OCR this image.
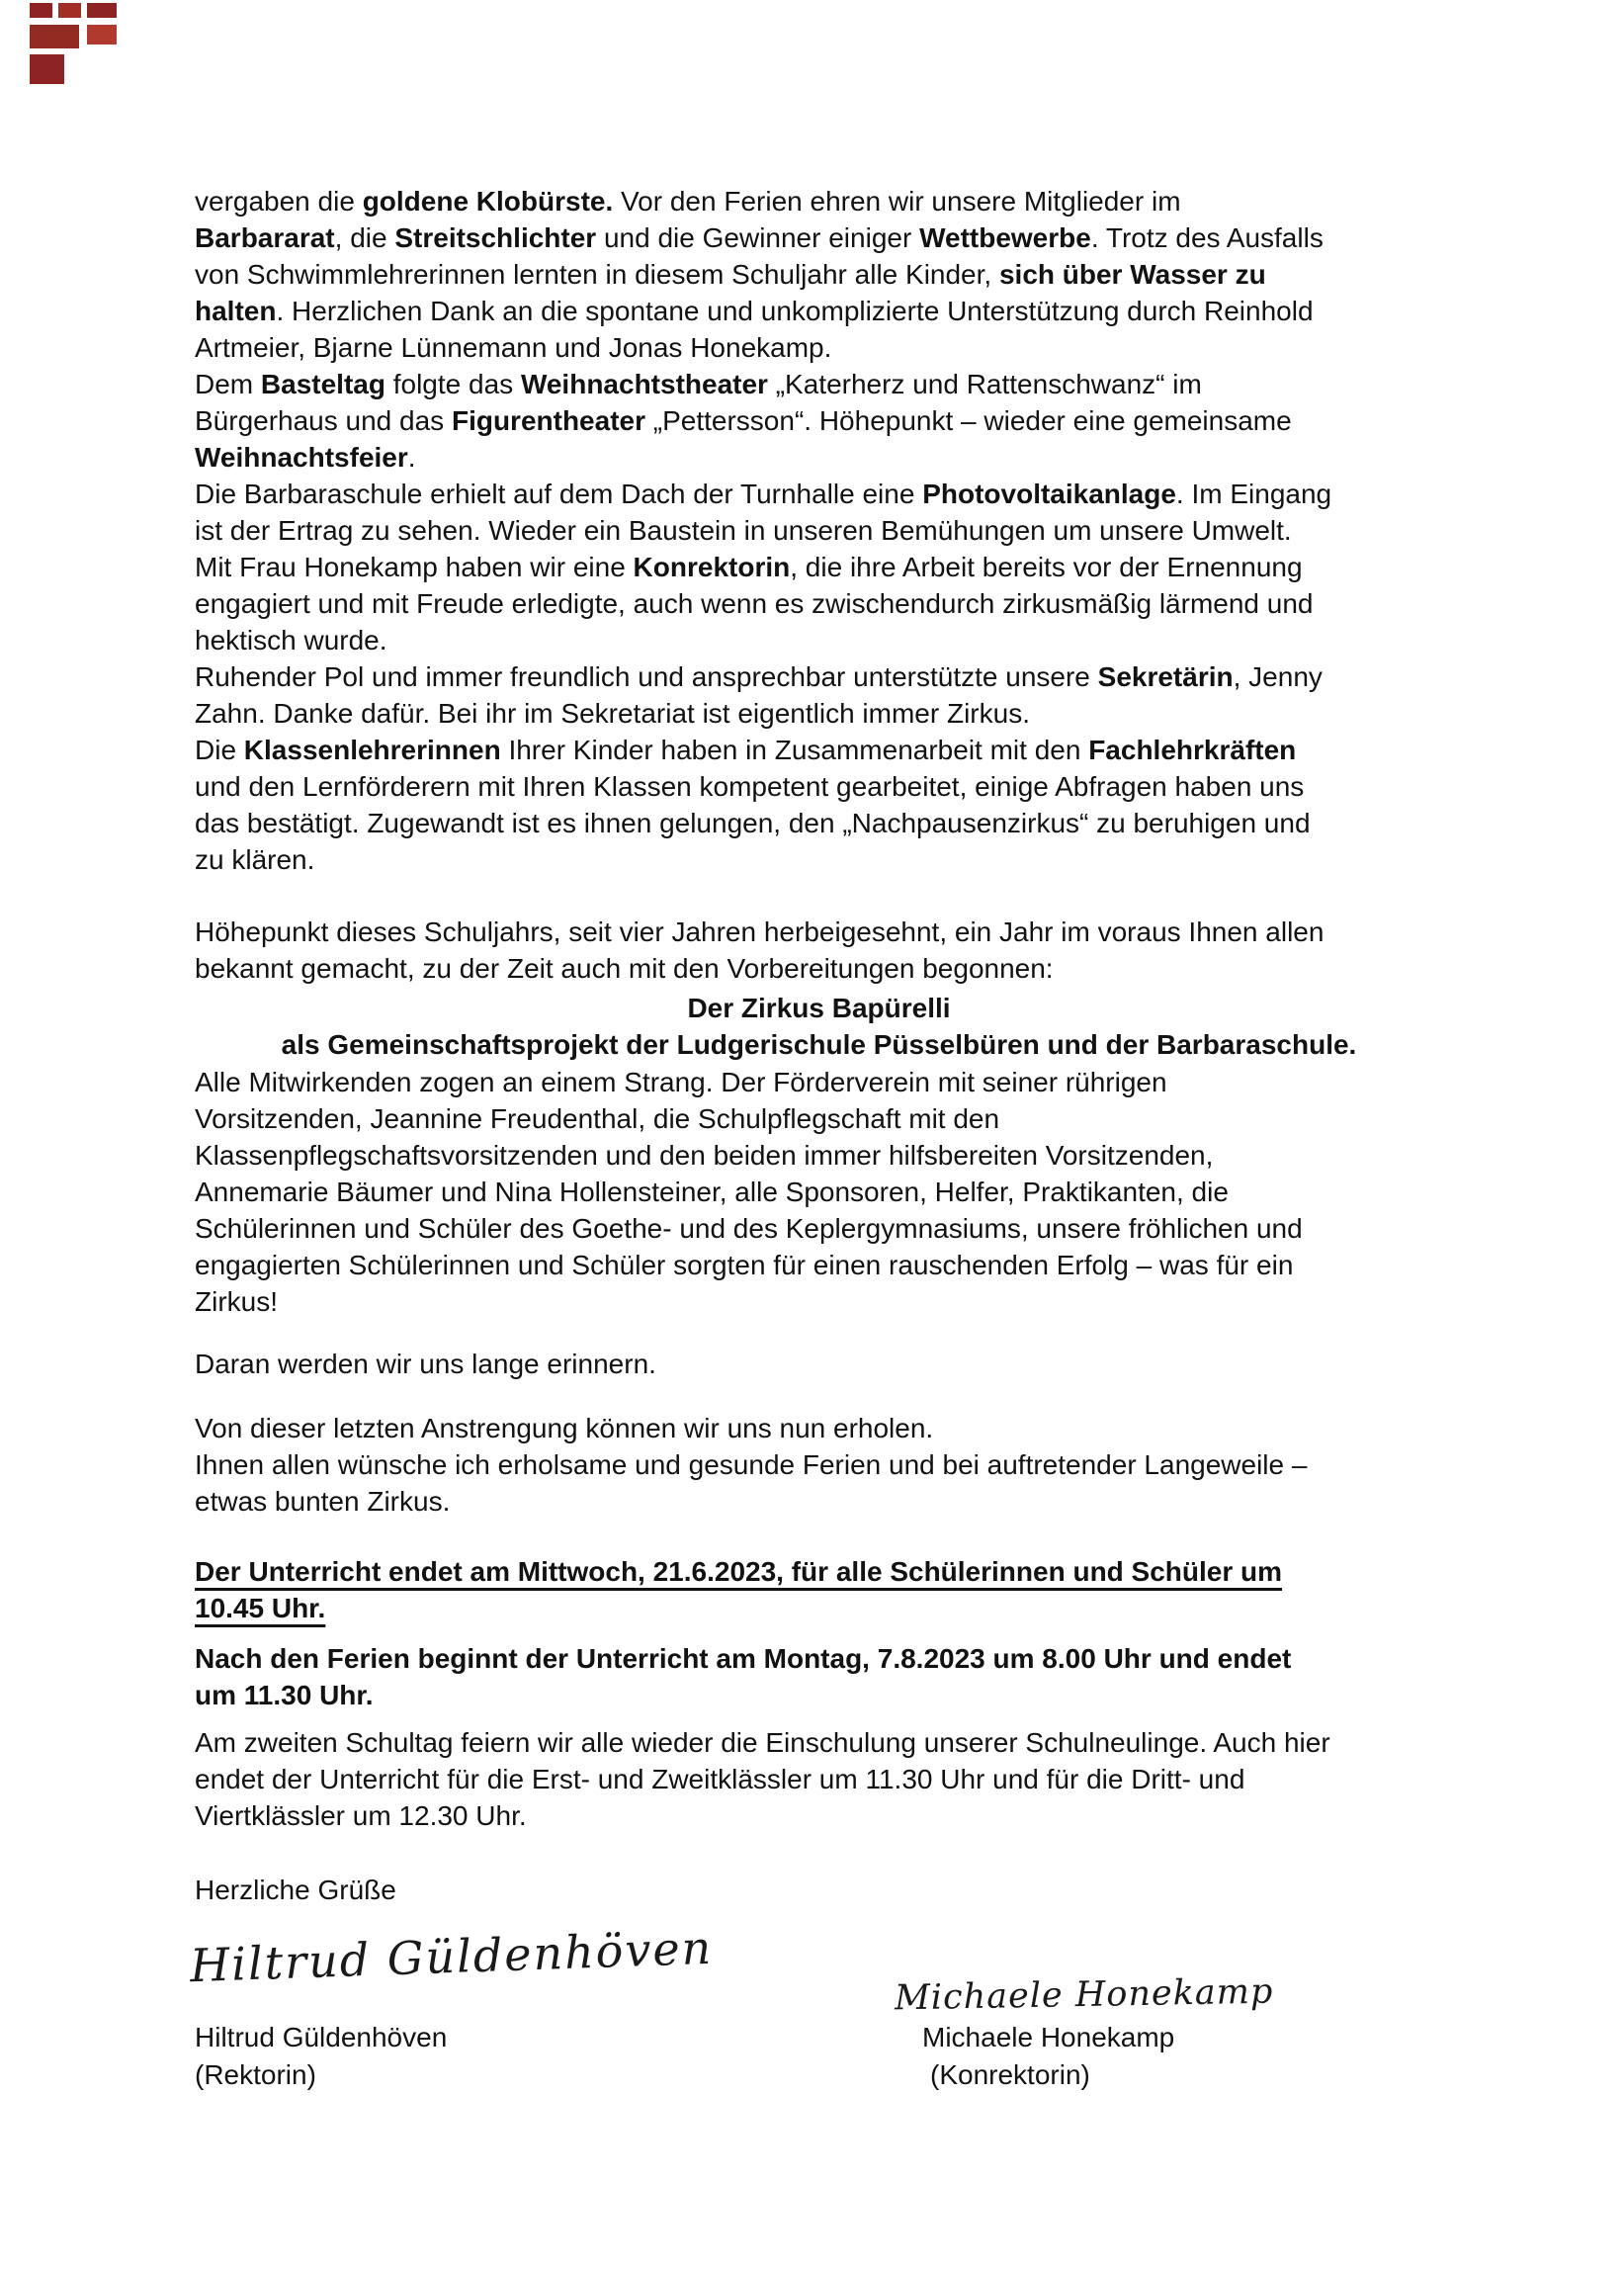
vergaben die goldene Klobürste. Vor den Ferien ehren wir unsere Mitglieder im
Barbararat, die Streitschlichter und die Gewinner einiger Wettbewerbe. Trotz des Ausfalls
von Schwimmlehrerinnen lernten in diesem Schuljahr alle Kinder, sich über Wasser zu
halten. Herzlichen Dank an die spontane und unkomplizierte Unterstützung durch Reinhold
Artmeier, Bjarne Lünnemann und Jonas Honekamp.
Dem Basteltag folgte das Weihnachtstheater „Katerherz und Rattenschwanz“ im
Bürgerhaus und das Figurentheater „Pettersson“. Höhepunkt – wieder eine gemeinsame
Weihnachtsfeier.
Die Barbaraschule erhielt auf dem Dach der Turnhalle eine Photovoltaikanlage. Im Eingang
ist der Ertrag zu sehen. Wieder ein Baustein in unseren Bemühungen um unsere Umwelt.
Mit Frau Honekamp haben wir eine Konrektorin, die ihre Arbeit bereits vor der Ernennung
engagiert und mit Freude erledigte, auch wenn es zwischendurch zirkusmäßig lärmend und
hektisch wurde.
Ruhender Pol und immer freundlich und ansprechbar unterstützte unsere Sekretärin, Jenny
Zahn. Danke dafür. Bei ihr im Sekretariat ist eigentlich immer Zirkus.
Die Klassenlehrerinnen Ihrer Kinder haben in Zusammenarbeit mit den Fachlehrkräften
und den Lernförderern mit Ihren Klassen kompetent gearbeitet, einige Abfragen haben uns
das bestätigt. Zugewandt ist es ihnen gelungen, den „Nachpausenzirkus“ zu beruhigen und
zu klären.
Höhepunkt dieses Schuljahrs, seit vier Jahren herbeigesehnt, ein Jahr im voraus Ihnen allen
bekannt gemacht, zu der Zeit auch mit den Vorbereitungen begonnen:
Der Zirkus Bapürelli
als Gemeinschaftsprojekt der Ludgerischule Püsselbüren und der Barbaraschule.
Alle Mitwirkenden zogen an einem Strang. Der Förderverein mit seiner rührigen
Vorsitzenden, Jeannine Freudenthal, die Schulpflegschaft mit den
Klassenpflegschaftsvorsitzenden und den beiden immer hilfsbereiten Vorsitzenden,
Annemarie Bäumer und Nina Hollensteiner, alle Sponsoren, Helfer, Praktikanten, die
Schülerinnen und Schüler des Goethe- und des Keplergymnasiums, unsere fröhlichen und
engagierten Schülerinnen und Schüler sorgten für einen rauschenden Erfolg – was für ein
Zirkus!
Daran werden wir uns lange erinnern.
Von dieser letzten Anstrengung können wir uns nun erholen.
Ihnen allen wünsche ich erholsame und gesunde Ferien und bei auftretender Langeweile –
etwas bunten Zirkus.
Der Unterricht endet am Mittwoch, 21.6.2023, für alle Schülerinnen und Schüler um
10.45 Uhr.
Nach den Ferien beginnt der Unterricht am Montag, 7.8.2023 um 8.00 Uhr und endet
um 11.30 Uhr.
Am zweiten Schultag feiern wir alle wieder die Einschulung unserer Schulneulinge. Auch hier
endet der Unterricht für die Erst- und Zweitklässler um 11.30 Uhr und für die Dritt- und
Viertklässler um 12.30 Uhr.
Herzliche Grüße
Hiltrud Güldenhöven
Michaele Honekamp
Hiltrud Güldenhöven
(Rektorin)
Michaele Honekamp
(Konrektorin)
